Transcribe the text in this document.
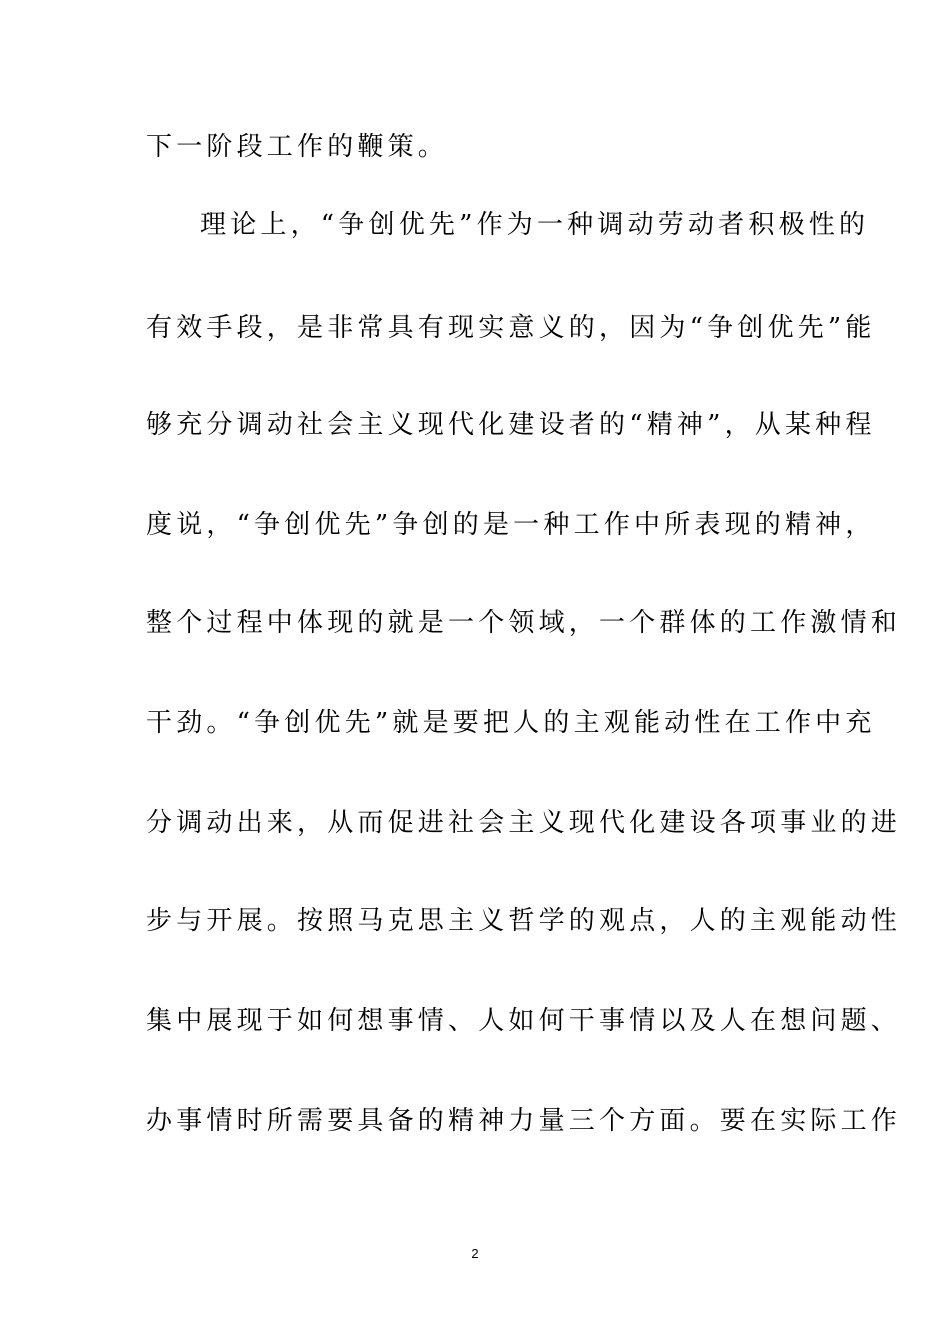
下一阶段工作的鞭策。
理论上，“争创优先”作为一种调动劳动者积极性的
有效手段，是非常具有现实意义的，因为“争创优先”能
够充分调动社会主义现代化建设者的“精神”，从某种程
度说，“争创优先”争创的是一种工作中所表现的精神，
整个过程中体现的就是一个领域，一个群体的工作激情和
干劲。“争创优先”就是要把人的主观能动性在工作中充
分调动出来，从而促进社会主义现代化建设各项事业的进
步与开展。按照马克思主义哲学的观点，人的主观能动性
集中展现于如何想事情、人如何干事情以及人在想问题、
办事情时所需要具备的精神力量三个方面。要在实际工作
2
